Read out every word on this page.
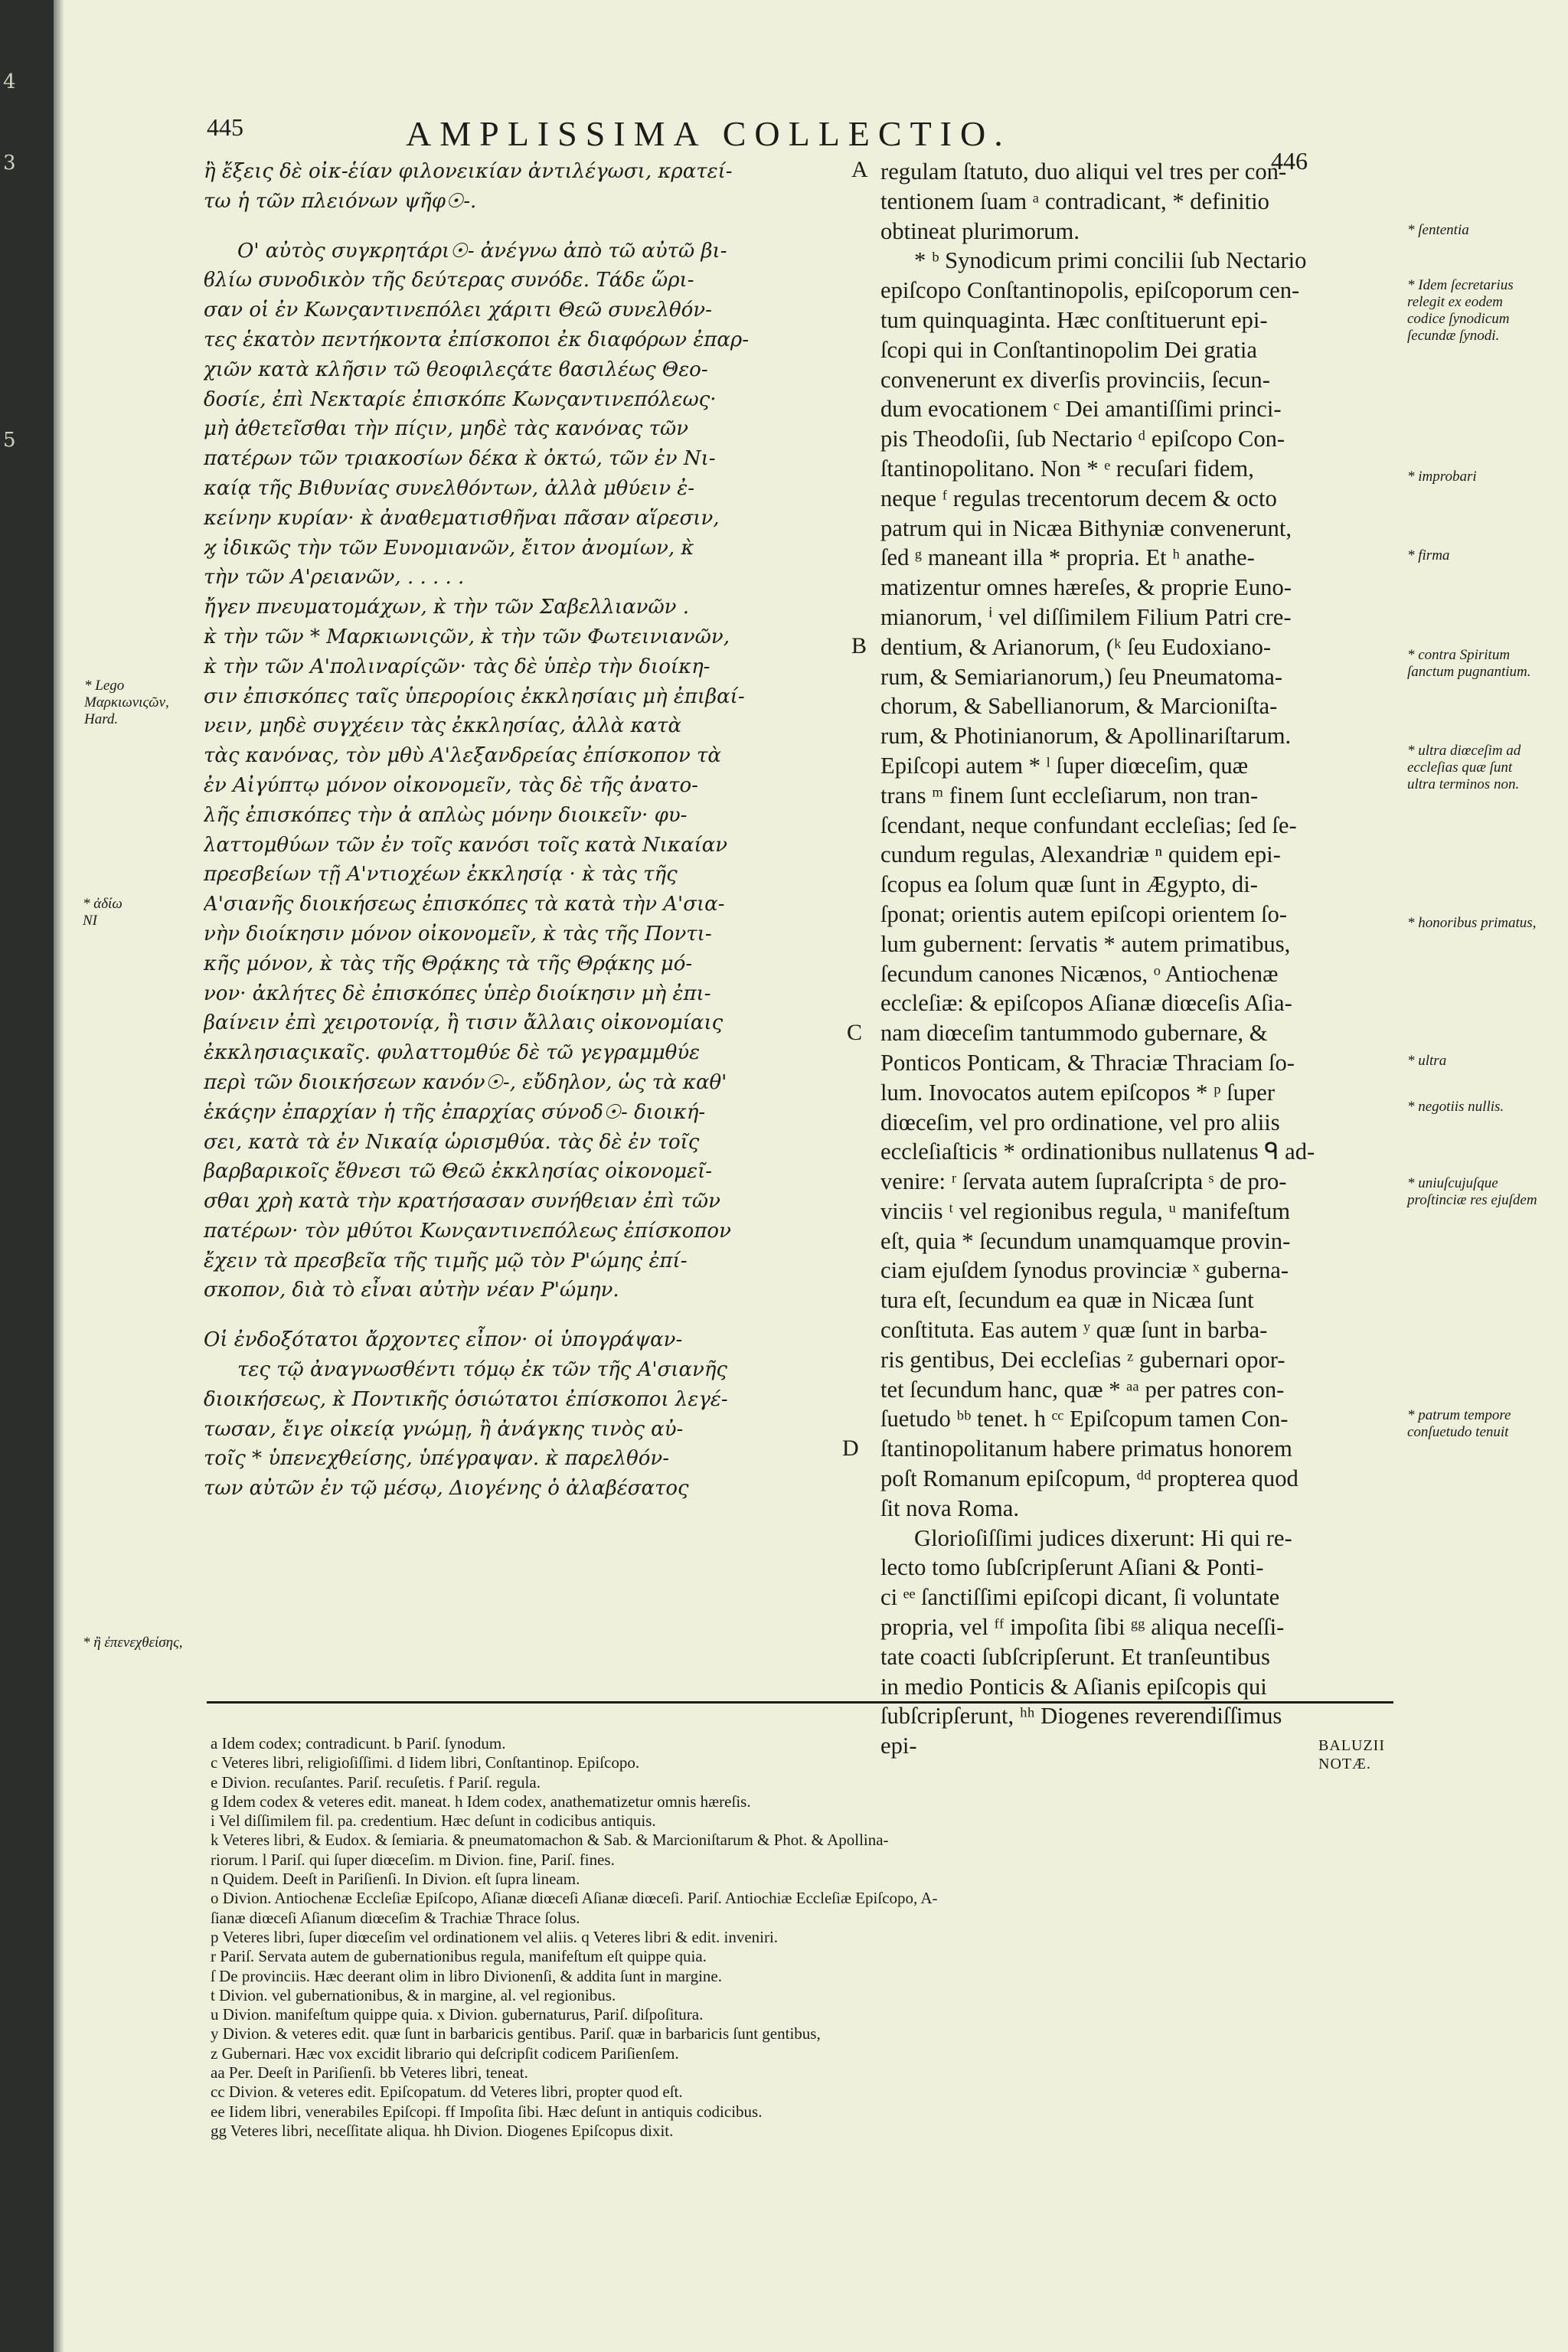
4
3
5
445	AMPLISSIMA COLLECTIO.
446
ἢ ἔξεις δὲ οἰκ-ἑίαν φιλονεικίαν ἀντιλέγωσι, κρατεί-
τω ἡ τῶν πλειόνων ψῆφ☉-.
Ο' αὐτὸς συγκρητάρι☉- ἀνέγνω ἀπὸ τῶ αὐτῶ βι-
ϐλίω συνοδικὸν τῆς δεύτερας συνόδε. Τάδε ὥρι-
σαν οἱ ἐν Κωνςαντινεπόλει χάριτι Θεῶ συνελθόν-
τες ἑκατὸν πεντήκοντα ἐπίσκοποι ἐκ διαφόρων ἐπαρ-
χιῶν κατὰ κλῆσιν τῶ θεοφιλεςάτε ϐασιλέως Θεο-
δοσίε, ἐπὶ Νεκταρίε ἐπισκόπε Κωνςαντινεπόλεως·
μὴ ἀθετεῖσθαι τὴν πίςιν, μηδὲ τὰς κανόνας τῶν
πατέρων τῶν τριακοσίων δέκα κ̀ ὀκτώ, τῶν ἐν Νι-
καίᾳ τῆς Βιθυνίας συνελθόντων, ἀλλὰ μθύειν ἐ-
κείνην κυρίαν· κ̀ ἀναθεματισθῆναι πᾶσαν αἵρεσιν,
ϗ ἰδικῶς τὴν τῶν Ευνομιανῶν, ἔιτον ἀνομίων, κ̀
τὴν τῶν Α'ρειανῶν, . . . . .
ἤγεν πνευματομάχων, κ̀ τὴν τῶν Σαβελλιανῶν .
κ̀ τὴν τῶν * Μαρκιωνιςῶν, κ̀ τὴν τῶν Φωτεινιανῶν,
κ̀ τὴν τῶν Α'πολιναρίςῶν· τὰς δὲ ὑπὲρ τὴν διοίκη-
σιν ἐπισκόπες ταῖς ὑπερορίοις ἐκκλησίαις μὴ ἐπιβαί-
νειν, μηδὲ συγχέειν τὰς ἐκκλησίας, ἀλλὰ κατὰ
τὰς κανόνας, τὸν μθὺ Α'λεξανδρείας ἐπίσκοπον τὰ
ἐν Αἰγύπτῳ μόνον οἰκονομεῖν, τὰς δὲ τῆς ἀνατο-
λῆς ἐπισκόπες τὴν ἀ απλὼς μόνην διοικεῖν· φυ-
λαττομθύων τῶν ἐν τοῖς κανόσι τοῖς κατὰ Νικαίαν
πρεσβείων τῇ Α'ντιοχέων ἐκκλησίᾳ · κ̀ τὰς τῆς
Α'σιανῆς διοικήσεως ἐπισκόπες τὰ κατὰ τὴν Α'σια-
νὴν διοίκησιν μόνον οἰκονομεῖν, κ̀ τὰς τῆς Ποντι-
κῆς μόνον, κ̀ τὰς τῆς Θρᾴκης τὰ τῆς Θρᾴκης μό-
νον· ἀκλήτες δὲ ἐπισκόπες ὑπὲρ διοίκησιν μὴ ἐπι-
βαίνειν ἐπὶ χειροτονίᾳ, ἢ τισιν ἄλλαις οἰκονομίαις
ἐκκλησιαςικαῖς. φυλαττομθύε δὲ τῶ γεγραμμθύε
περὶ τῶν διοικήσεων κανόν☉-, εὔδηλον, ὡς τὰ καθ'
ἑκάςην ἐπαρχίαν ἡ τῆς ἐπαρχίας σύνοδ☉- διοική-
σει, κατὰ τὰ ἐν Νικαίᾳ ὡρισμθύα. τὰς δὲ ἐν τοῖς
βαρβαρικοῖς ἔθνεσι τῶ Θεῶ ἐκκλησίας οἰκονομεῖ-
σθαι χρὴ κατὰ τὴν κρατήσασαν συνήθειαν ἐπὶ τῶν
πατέρων· τὸν μθύτοι Κωνςαντινεπόλεως ἐπίσκοπον
ἔχειν τὰ πρεσβεῖα τῆς τιμῆς μῷ τὸν Ρ'ώμης ἐπί-
σκοπον, διὰ τὸ εἶναι αὐτὴν νέαν Ρ'ώμην.
Οἱ ἐνδοξότατοι ἄρχοντες εἶπον· οἱ ὑπογράψαν-
τες τῷ ἀναγνωσθέντι τόμῳ ἐκ τῶν τῆς Α'σιανῆς
διοικήσεως, κ̀ Ποντικῆς ὁσιώτατοι ἐπίσκοποι λεγέ-
τωσαν, ἔιγε οἰκείᾳ γνώμῃ, ἢ ἀνάγκης τινὸς αὐ-
τοῖς * ὑπενεχθείσης, ὑπέγραψαν. κ̀ παρελθόν-
των αὐτῶν ἐν τῷ μέσῳ, Διογένης ὁ ἀλαβέσατος
regulam ſtatuto, duo aliqui vel tres per con-
tentionem ſuam ᵃ contradicant, * definitio
obtineat plurimorum.
* ᵇ Synodicum primi concilii ſub Nectario
epiſcopo Conſtantinopolis, epiſcoporum cen-
tum quinquaginta. Hæc conſtituerunt epi-
ſcopi qui in Conſtantinopolim Dei gratia
convenerunt ex diverſis provinciis, ſecun-
dum evocationem ᶜ Dei amantiſſimi princi-
pis Theodoſii, ſub Nectario ᵈ epiſcopo Con-
ſtantinopolitano. Non * ᵉ recuſari fidem,
neque ᶠ regulas trecentorum decem & octo
patrum qui in Nicæa Bithyniæ convenerunt,
ſed ᵍ maneant illa * propria. Et ʰ anathe-
matizentur omnes hæreſes, & proprie Euno-
mianorum, ⁱ vel diſſimilem Filium Patri cre-
dentium, & Arianorum, (ᵏ ſeu Eudoxiano-
rum, & Semiarianorum,) ſeu Pneumatoma-
chorum, & Sabellianorum, & Marcioniſta-
rum, & Photinianorum, & Apollinariſtarum.
Epiſcopi autem * ˡ ſuper diœceſim, quæ
trans ᵐ finem ſunt eccleſiarum, non tran-
ſcendant, neque confundant eccleſias; ſed ſe-
cundum regulas, Alexandriæ ⁿ quidem epi-
ſcopus ea ſolum quæ ſunt in Ægypto, di-
ſponat; orientis autem epiſcopi orientem ſo-
lum gubernent: ſervatis * autem primatibus,
ſecundum canones Nicænos, ᵒ Antiochenæ
eccleſiæ: & epiſcopos Aſianæ diœceſis Aſia-
nam diœceſim tantummodo gubernare, &
Ponticos Ponticam, & Thraciæ Thraciam ſo-
lum. Inovocatos autem epiſcopos * ᵖ ſuper
diœceſim, vel pro ordinatione, vel pro aliis
eccleſiaſticis * ordinationibus nullatenus ᑫ ad-
venire: ʳ ſervata autem ſupraſcripta ˢ de pro-
vinciis ᵗ vel regionibus regula, ᵘ manifeſtum
eſt, quia * ſecundum unamquamque provin-
ciam ejuſdem ſynodus provinciæ ˣ guberna-
tura eſt, ſecundum ea quæ in Nicæa ſunt
conſtituta. Eas autem ʸ quæ ſunt in barba-
ris gentibus, Dei eccleſias ᶻ gubernari opor-
tet ſecundum hanc, quæ * ᵃᵃ per patres con-
ſuetudo ᵇᵇ tenet. h ᶜᶜ Epiſcopum tamen Con-
ſtantinopolitanum habere primatus honorem
poſt Romanum epiſcopum, ᵈᵈ propterea quod
ſit nova Roma.
Glorioſiſſimi judices dixerunt: Hi qui re-
lecto tomo ſubſcripſerunt Aſiani & Ponti-
ci ᵉᵉ ſanctiſſimi epiſcopi dicant, ſi voluntate
propria, vel ᶠᶠ impoſita ſibi ᵍᵍ aliqua neceſſi-
tate coacti ſubſcripſerunt. Et tranſeuntibus
in medio Ponticis & Aſianis epiſcopis qui
ſubſcripſerunt, ʰʰ Diogenes reverendiſſimus
epi-
A
B
C
D
* Lego Μαρκιωνιςῶν, Hard.
* ἀδίω ΝΙ
* ἢ ἐπενεχθείσης,
* ſententia
* Idem ſecretarius relegit ex eodem codice ſynodicum ſecundæ ſynodi.
* improbari
* firma
* contra Spiritum ſanctum pugnantium.
* ultra diœceſim ad eccleſias quæ ſunt ultra terminos non.
* honoribus primatus,
* ultra
* negotiis nullis.
* uniuſcujuſque proſtinciæ res ejuſdem
* patrum tempore conſuetudo tenuit
BALUZII
NOTÆ.
a Idem codex; contradicunt. b Pariſ. ſynodum.
c Veteres libri, religioſiſſimi. d Iidem libri, Conſtantinop. Epiſcopo.
e Divion. recuſantes. Pariſ. recuſetis. f Pariſ. regula.
g Idem codex & veteres edit. maneat. h Idem codex, anathematizetur omnis hæreſis.
i Vel diſſimilem fil. pa. credentium. Hæc deſunt in codicibus antiquis.
k Veteres libri, & Eudox. & ſemiaria. & pneumatomachon & Sab. & Marcioniſtarum & Phot. & Apollina-
riorum. l Pariſ. qui ſuper diœceſim. m Divion. fine, Pariſ. fines.
n Quidem. Deeſt in Pariſienſi. In Divion. eſt ſupra lineam.
o Divion. Antiochenæ Eccleſiæ Epiſcopo, Aſianæ diœceſi Aſianæ diœceſi. Pariſ. Antiochiæ Eccleſiæ Epiſcopo, A-
ſianæ diœceſi Aſianum diœceſim & Trachiæ Thrace ſolus.
p Veteres libri, ſuper diœceſim vel ordinationem vel aliis. q Veteres libri & edit. inveniri.
r Pariſ. Servata autem de gubernationibus regula, manifeſtum eſt quippe quia.
ſ De provinciis. Hæc deerant olim in libro Divionenſi, & addita ſunt in margine.
t Divion. vel gubernationibus, & in margine, al. vel regionibus.
u Divion. manifeſtum quippe quia. x Divion. gubernaturus, Pariſ. diſpoſitura.
y Divion. & veteres edit. quæ ſunt in barbaricis gentibus. Pariſ. quæ in barbaricis ſunt gentibus,
z Gubernari. Hæc vox excidit librario qui deſcripſit codicem Pariſienſem.
aa Per. Deeſt in Pariſienſi. bb Veteres libri, teneat.
cc Divion. & veteres edit. Epiſcopatum. dd Veteres libri, propter quod eſt.
ee Iidem libri, venerabiles Epiſcopi. ff Impoſita ſibi. Hæc deſunt in antiquis codicibus.
gg Veteres libri, neceſſitate aliqua. hh Divion. Diogenes Epiſcopus dixit.
